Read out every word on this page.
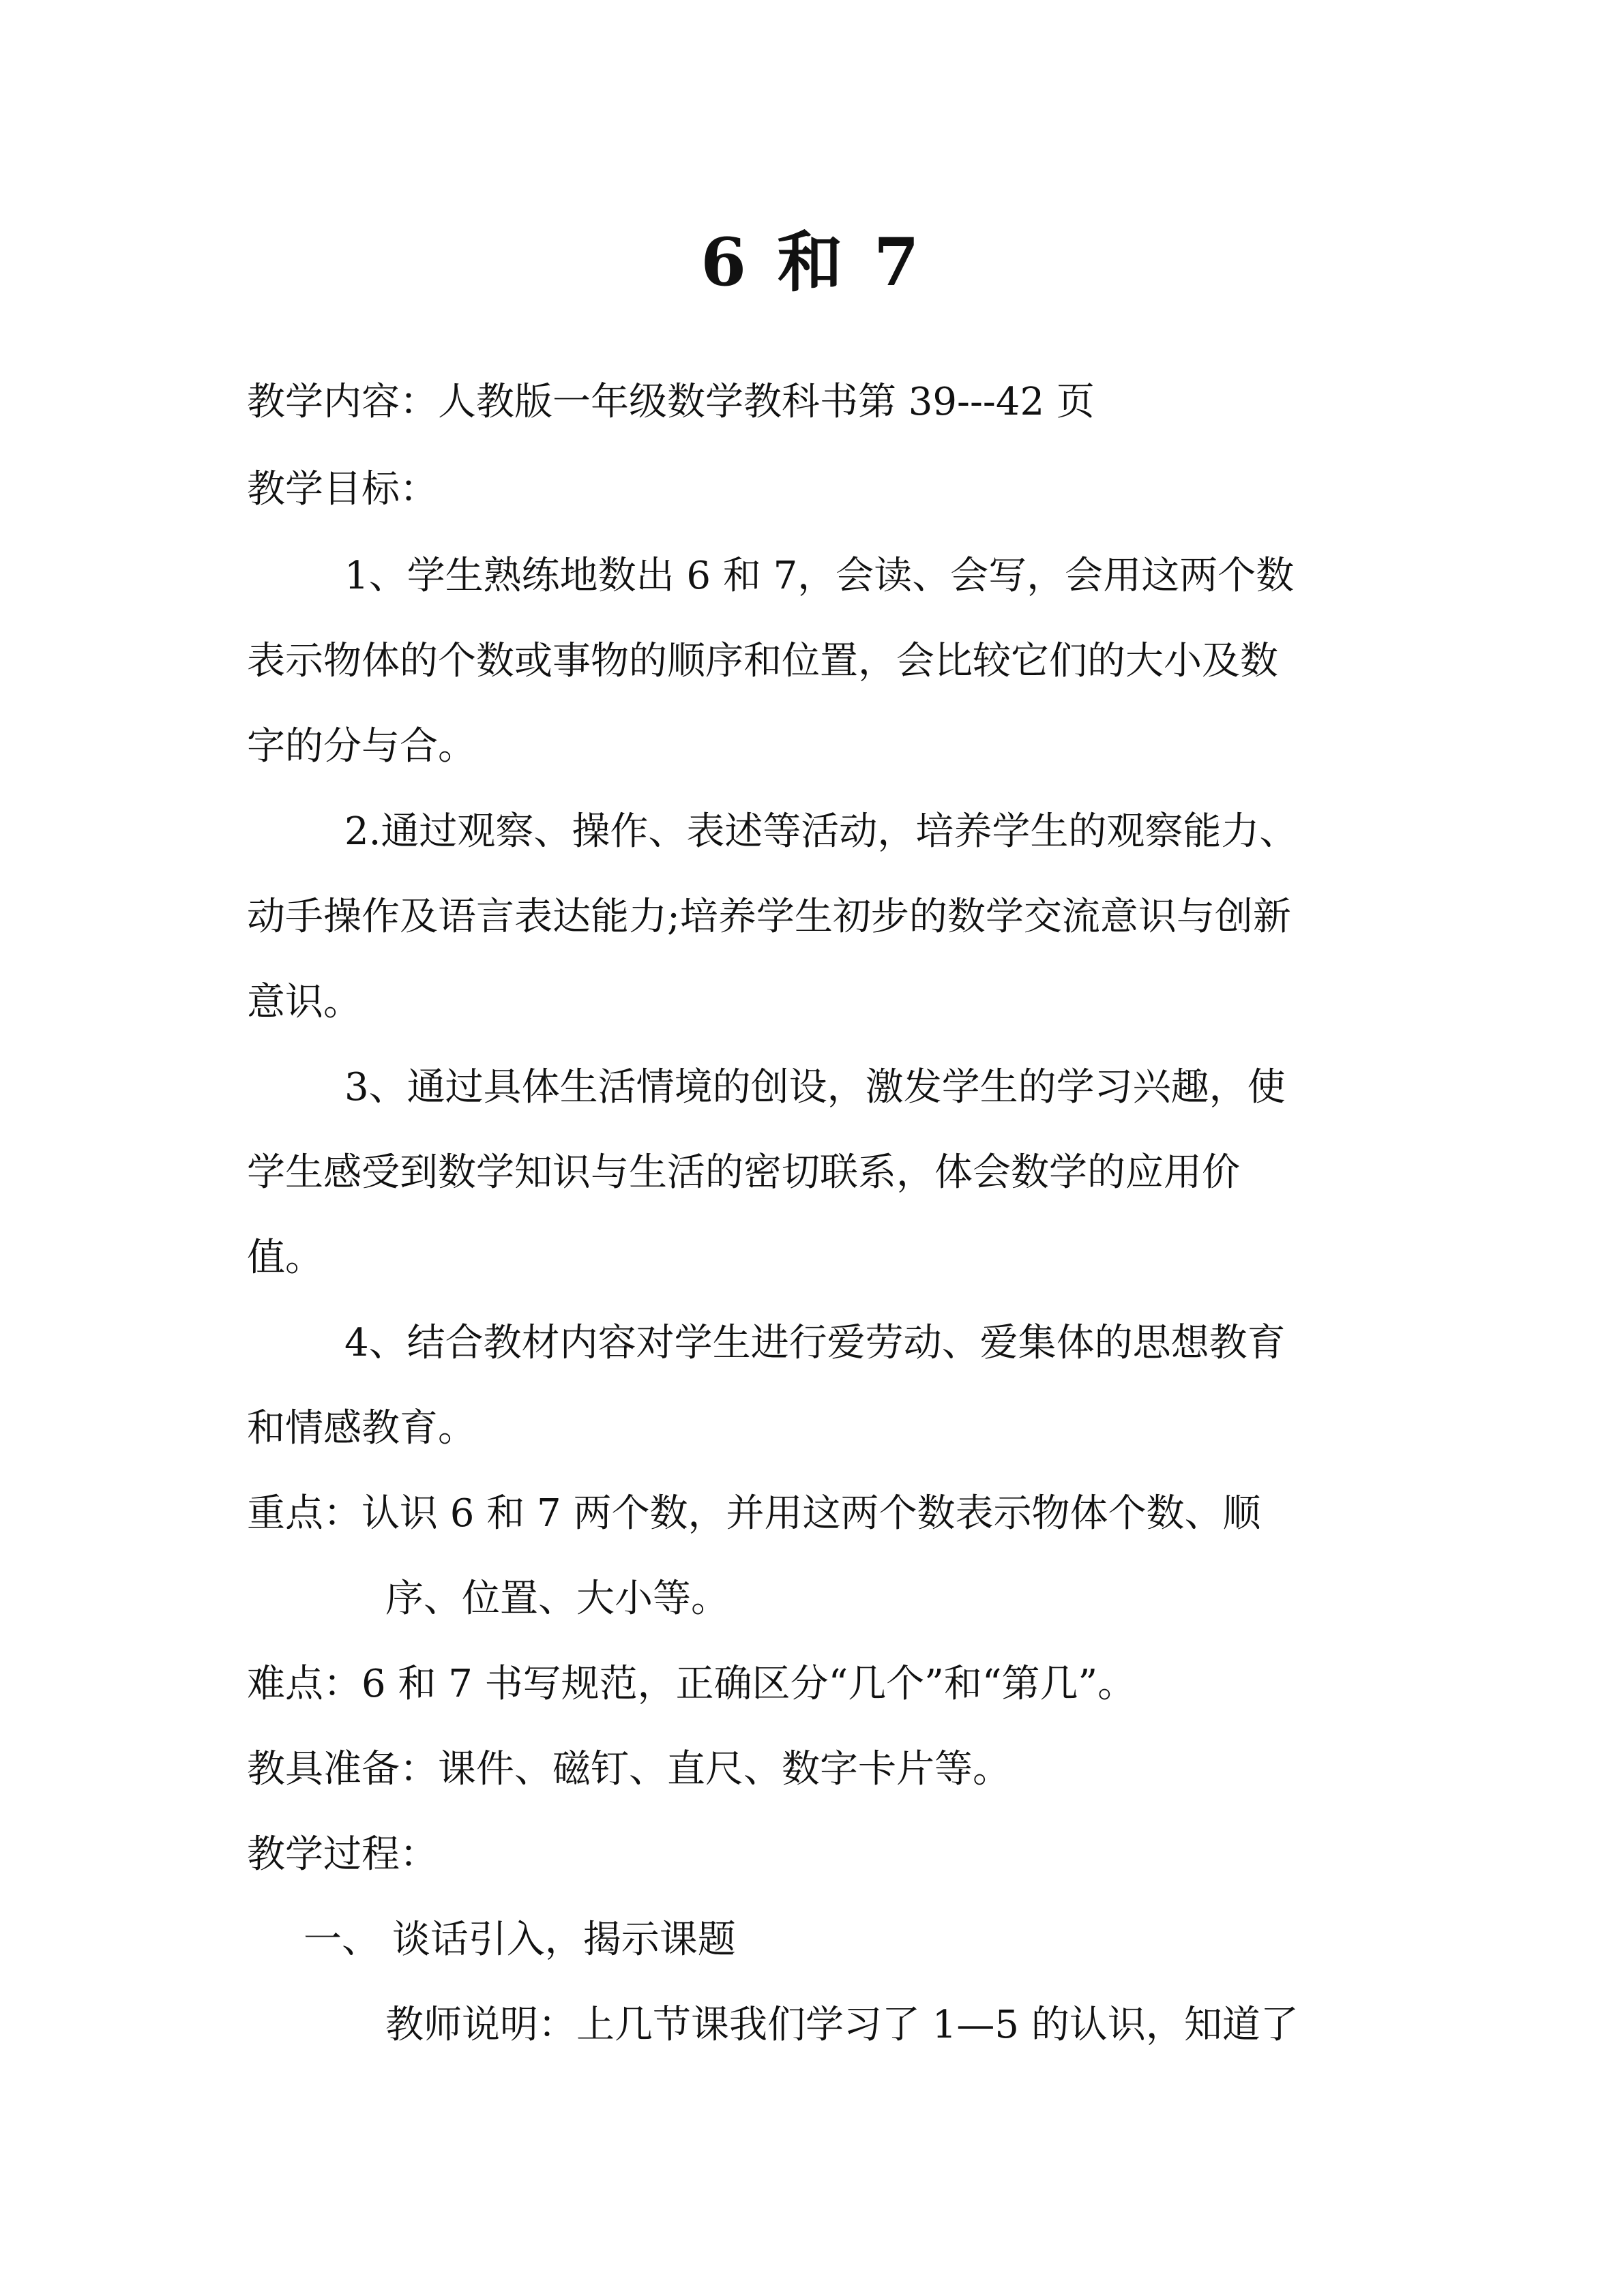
6 和 7
教学内容：人教版一年级数学教科书第 39---42 页
教学目标：
1、学生熟练地数出 6 和 7，会读、会写，会用这两个数
表示物体的个数或事物的顺序和位置，会比较它们的大小及数
字的分与合。
2.通过观察、操作、表述等活动，培养学生的观察能力、
动手操作及语言表达能力;培养学生初步的数学交流意识与创新
意识。
3、通过具体生活情境的创设，激发学生的学习兴趣，使
学生感受到数学知识与生活的密切联系，体会数学的应用价
值。
4、结合教材内容对学生进行爱劳动、爱集体的思想教育
和情感教育。
重点：认识 6 和 7 两个数，并用这两个数表示物体个数、顺
序、位置、大小等。
难点：6 和 7 书写规范，正确区分“几个”和“第几”。
教具准备：课件、磁钉、直尺、数字卡片等。
教学过程：
一、 谈话引入，揭示课题
教师说明：上几节课我们学习了 1—5 的认识，知道了
